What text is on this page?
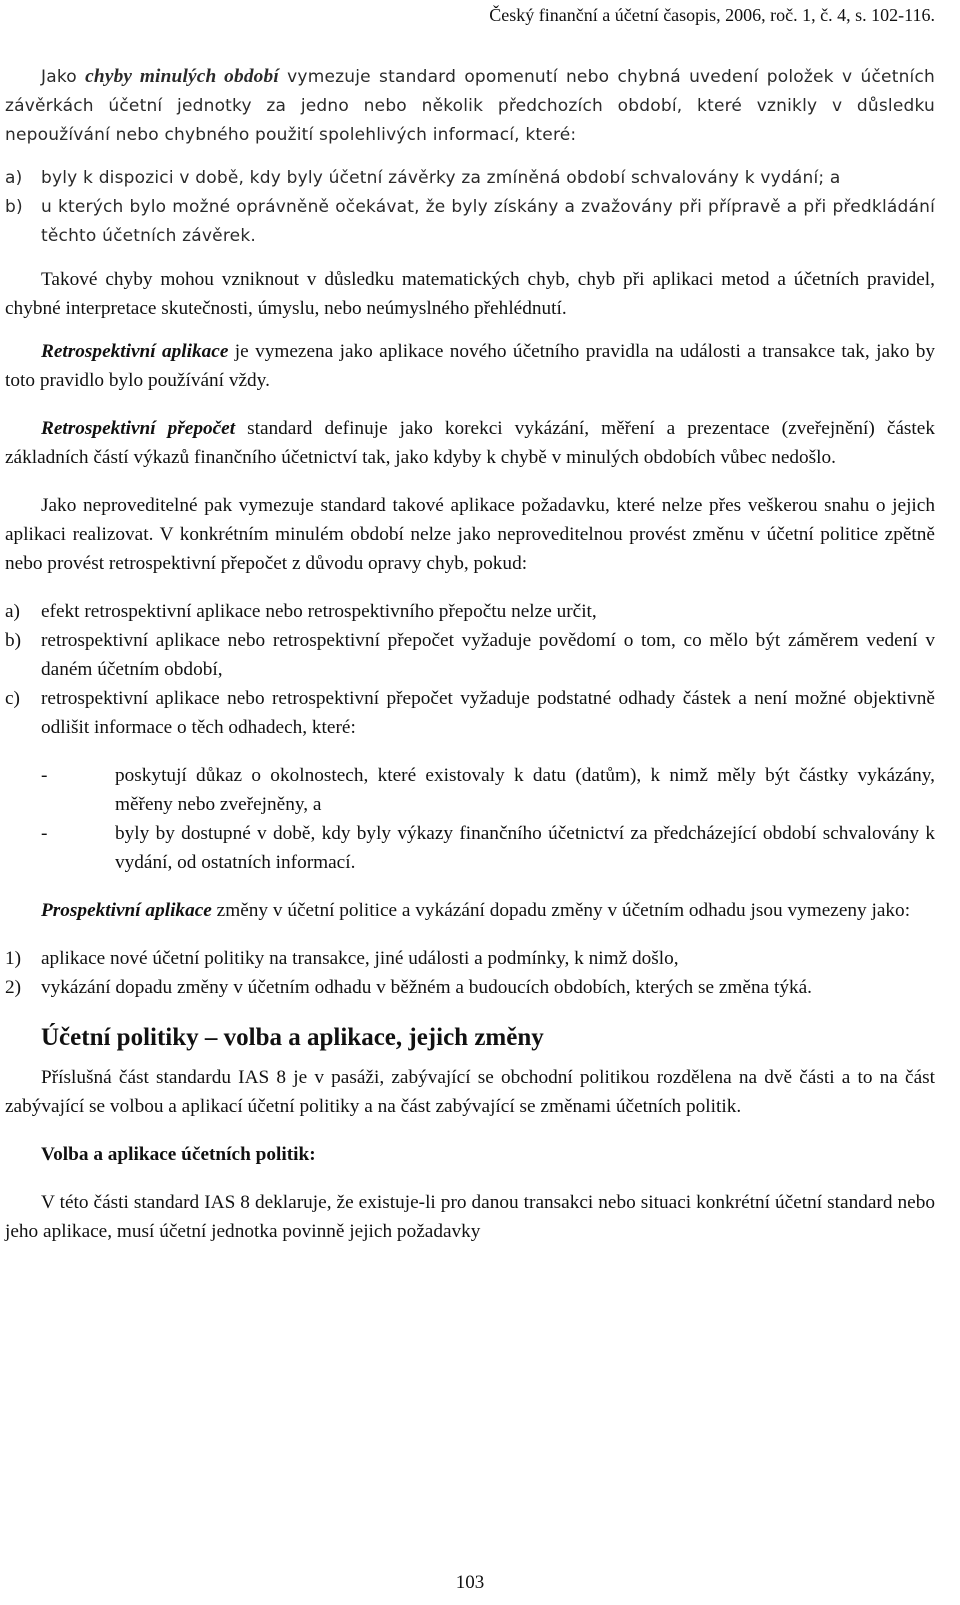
Český finanční a účetní časopis, 2006, roč. 1, č. 4, s. 102-116.

Jako chyby minulých období vymezuje standard opomenutí nebo chybná uvedení položek v účetních závěrkách účetní jednotky za jedno nebo několik předchozích období, které vznikly v důsledku nepoužívání nebo chybného použití spolehlivých informací, které:

a)	byly k dispozici v době, kdy byly účetní závěrky za zmíněná období schvalovány k vydání; a
b)	u kterých bylo možné oprávněně očekávat, že byly získány a zvažovány při přípravě a při předkládání těchto účetních závěrek.

Takové chyby mohou vzniknout v důsledku matematických chyb, chyb při aplikaci metod a účetních pravidel, chybné interpretace skutečnosti, úmyslu, nebo neúmyslného přehlédnutí.

Retrospektivní aplikace je vymezena jako aplikace nového účetního pravidla na události a transakce tak, jako by toto pravidlo bylo používání vždy.

Retrospektivní přepočet standard definuje jako korekci vykázání, měření a prezentace (zveřejnění) částek základních částí výkazů finančního účetnictví tak, jako kdyby k chybě v minulých obdobích vůbec nedošlo.

Jako neproveditelné pak vymezuje standard takové aplikace požadavku, které nelze přes veškerou snahu o jejich aplikaci realizovat. V konkrétním minulém období nelze jako neproveditelnou provést změnu v účetní politice zpětně nebo provést retrospektivní přepočet z důvodu opravy chyb, pokud:

a)	efekt retrospektivní aplikace nebo retrospektivního přepočtu nelze určit,
b)	retrospektivní aplikace nebo retrospektivní přepočet vyžaduje povědomí o tom, co mělo být záměrem vedení v daném účetním období,
c)	retrospektivní aplikace nebo retrospektivní přepočet vyžaduje podstatné odhady částek a není možné objektivně odlišit informace o těch odhadech, které:
-	poskytují důkaz o okolnostech, které existovaly k datu (datům), k nimž měly být částky vykázány, měřeny nebo zveřejněny, a
-	byly by dostupné v době, kdy byly výkazy finančního účetnictví za předcházející období schvalovány k vydání, od ostatních informací.

Prospektivní aplikace změny v účetní politice a vykázání dopadu změny v účetním odhadu jsou vymezeny jako:

1)	aplikace nové účetní politiky na transakce, jiné události a podmínky, k nimž došlo,
2)	vykázání dopadu změny v účetním odhadu v běžném a budoucích obdobích, kterých se změna týká.
Účetní politiky – volba a aplikace, jejich změny

Příslušná část standardu IAS 8 je v pasáži, zabývající se obchodní politikou rozdělena na dvě části a to na část zabývající se volbou a aplikací účetní politiky a na část zabývající se změnami účetních politik.

Volba a aplikace účetních politik:

V této části standard IAS 8 deklaruje, že existuje-li pro danou transakci nebo situaci konkrétní účetní standard nebo jeho aplikace, musí účetní jednotka povinně jejich požadavky

103
